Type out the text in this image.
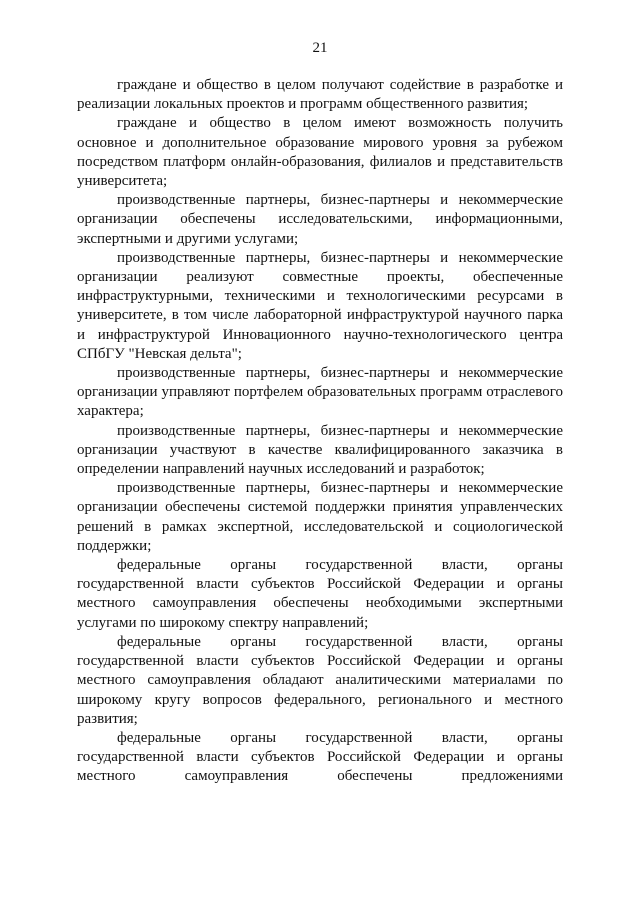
21

граждане и общество в целом получают содействие в разработке и реализации локальных проектов и программ общественного развития;

граждане и общество в целом имеют возможность получить основное и дополнительное образование мирового уровня за рубежом посредством платформ онлайн-образования, филиалов и представительств университета;

производственные партнеры, бизнес-партнеры и некоммерческие организации обеспечены исследовательскими, информационными, экспертными и другими услугами;

производственные партнеры, бизнес-партнеры и некоммерческие организации реализуют совместные проекты, обеспеченные инфраструктурными, техническими и технологическими ресурсами в университете, в том числе лабораторной инфраструктурой научного парка и инфраструктурой Инновационного научно-технологического центра СПбГУ "Невская дельта";

производственные партнеры, бизнес-партнеры и некоммерческие организации управляют портфелем образовательных программ отраслевого характера;

производственные партнеры, бизнес-партнеры и некоммерческие организации участвуют в качестве квалифицированного заказчика в определении направлений научных исследований и разработок;

производственные партнеры, бизнес-партнеры и некоммерческие организации обеспечены системой поддержки принятия управленческих решений в рамках экспертной, исследовательской и социологической поддержки;

федеральные органы государственной власти, органы государственной власти субъектов Российской Федерации и органы местного самоуправления обеспечены необходимыми экспертными услугами по широкому спектру направлений;

федеральные органы государственной власти, органы государственной власти субъектов Российской Федерации и органы местного самоуправления обладают аналитическими материалами по широкому кругу вопросов федерального, регионального и местного развития;

федеральные органы государственной власти, органы государственной власти субъектов Российской Федерации и органы местного самоуправления обеспечены предложениями
